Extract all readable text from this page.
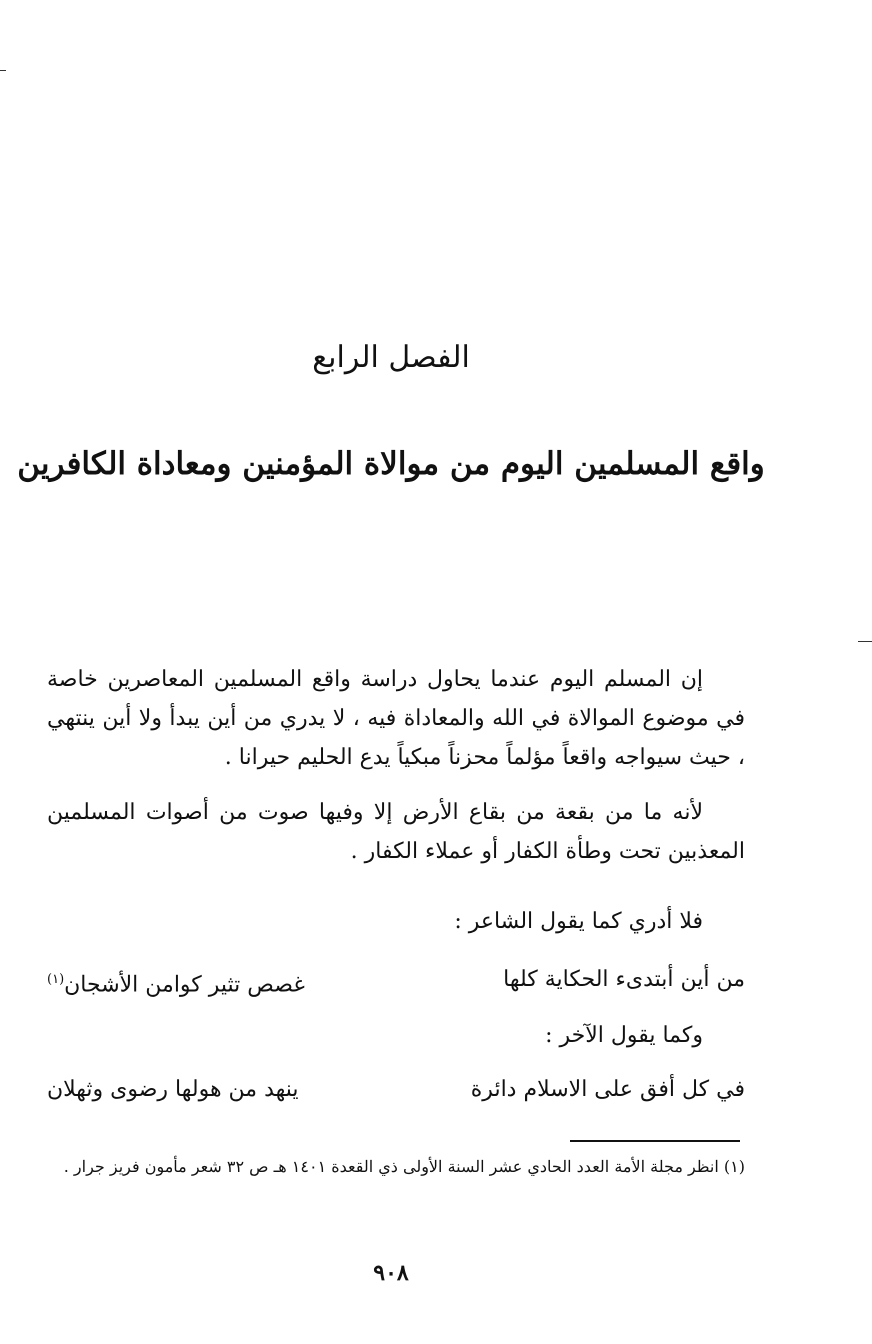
الفصل الرابع
واقع المسلمين اليوم من موالاة المؤمنين ومعاداة الكافرين

إن المسلم اليوم عندما يحاول دراسة واقع المسلمين المعاصرين خاصة في موضوع الموالاة في الله والمعاداة فيه ، لا يدري من أين يبدأ ولا أين ينتهي ، حيث سيواجه واقعاً مؤلماً محزناً مبكياً يدع الحليم حيرانا .

لأنه ما من بقعة من بقاع الأرض إلا وفيها صوت من أصوات المسلمين المعذبين تحت وطأة الكفار أو عملاء الكفار .

فلا أدري كما يقول الشاعر :
من أين أبتدىء الحكاية كلها
غصص تثير كوامن الأشجان$^{(١)}$
وكما يقول الآخر :
في كل أفق على الاسلام دائرة
ينهد من هولها رضوى وثهلان
(١) انظر مجلة الأمة العدد الحادي عشر السنة الأولى ذي القعدة ١٤٠١ هـ ص ٣٢ شعر مأمون فريز جرار .
٩٠٨
